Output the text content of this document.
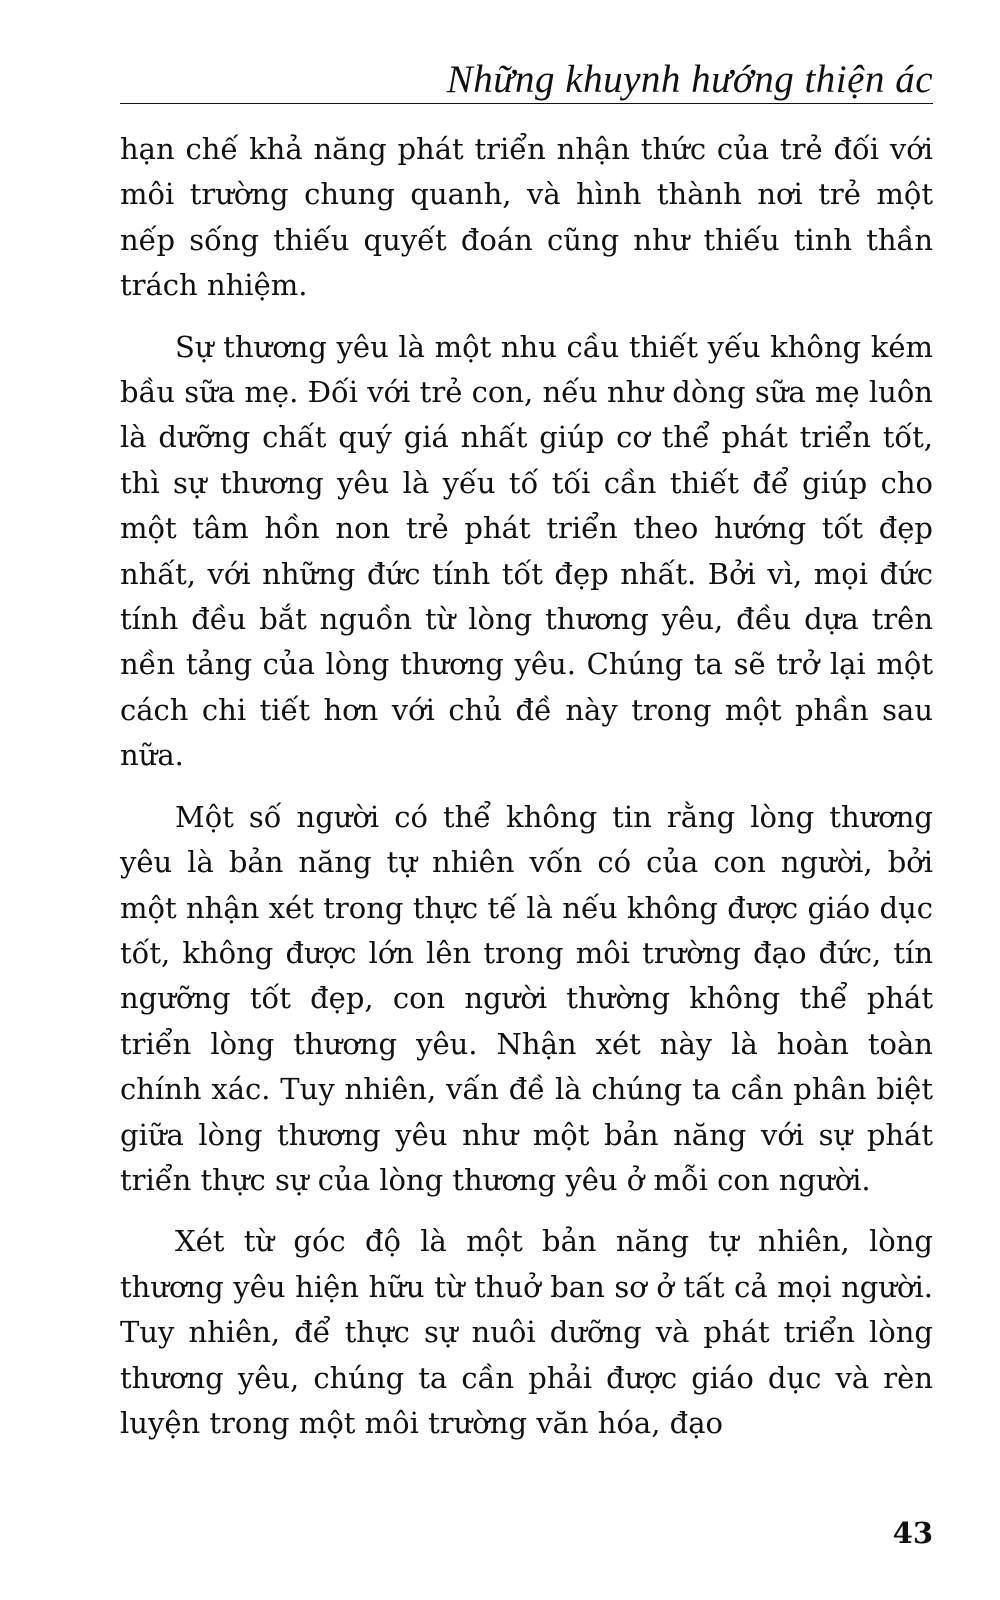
Những khuynh hướng thiện ác

hạn chế khả năng phát triển nhận thức của trẻ đối với môi trường chung quanh, và hình thành nơi trẻ một nếp sống thiếu quyết đoán cũng như thiếu tinh thần trách nhiệm.

Sự thương yêu là một nhu cầu thiết yếu không kém bầu sữa mẹ. Đối với trẻ con, nếu như dòng sữa mẹ luôn là dưỡng chất quý giá nhất giúp cơ thể phát triển tốt, thì sự thương yêu là yếu tố tối cần thiết để giúp cho một tâm hồn non trẻ phát triển theo hướng tốt đẹp nhất, với những đức tính tốt đẹp nhất. Bởi vì, mọi đức tính đều bắt nguồn từ lòng thương yêu, đều dựa trên nền tảng của lòng thương yêu. Chúng ta sẽ trở lại một cách chi tiết hơn với chủ đề này trong một phần sau nữa.

Một số người có thể không tin rằng lòng thương yêu là bản năng tự nhiên vốn có của con người, bởi một nhận xét trong thực tế là nếu không được giáo dục tốt, không được lớn lên trong môi trường đạo đức, tín ngưỡng tốt đẹp, con người thường không thể phát triển lòng thương yêu. Nhận xét này là hoàn toàn chính xác. Tuy nhiên, vấn đề là chúng ta cần phân biệt giữa lòng thương yêu như một bản năng với sự phát triển thực sự của lòng thương yêu ở mỗi con người.

Xét từ góc độ là một bản năng tự nhiên, lòng thương yêu hiện hữu từ thuở ban sơ ở tất cả mọi người. Tuy nhiên, để thực sự nuôi dưỡng và phát triển lòng thương yêu, chúng ta cần phải được giáo dục và rèn luyện trong một môi trường văn hóa, đạo

43
